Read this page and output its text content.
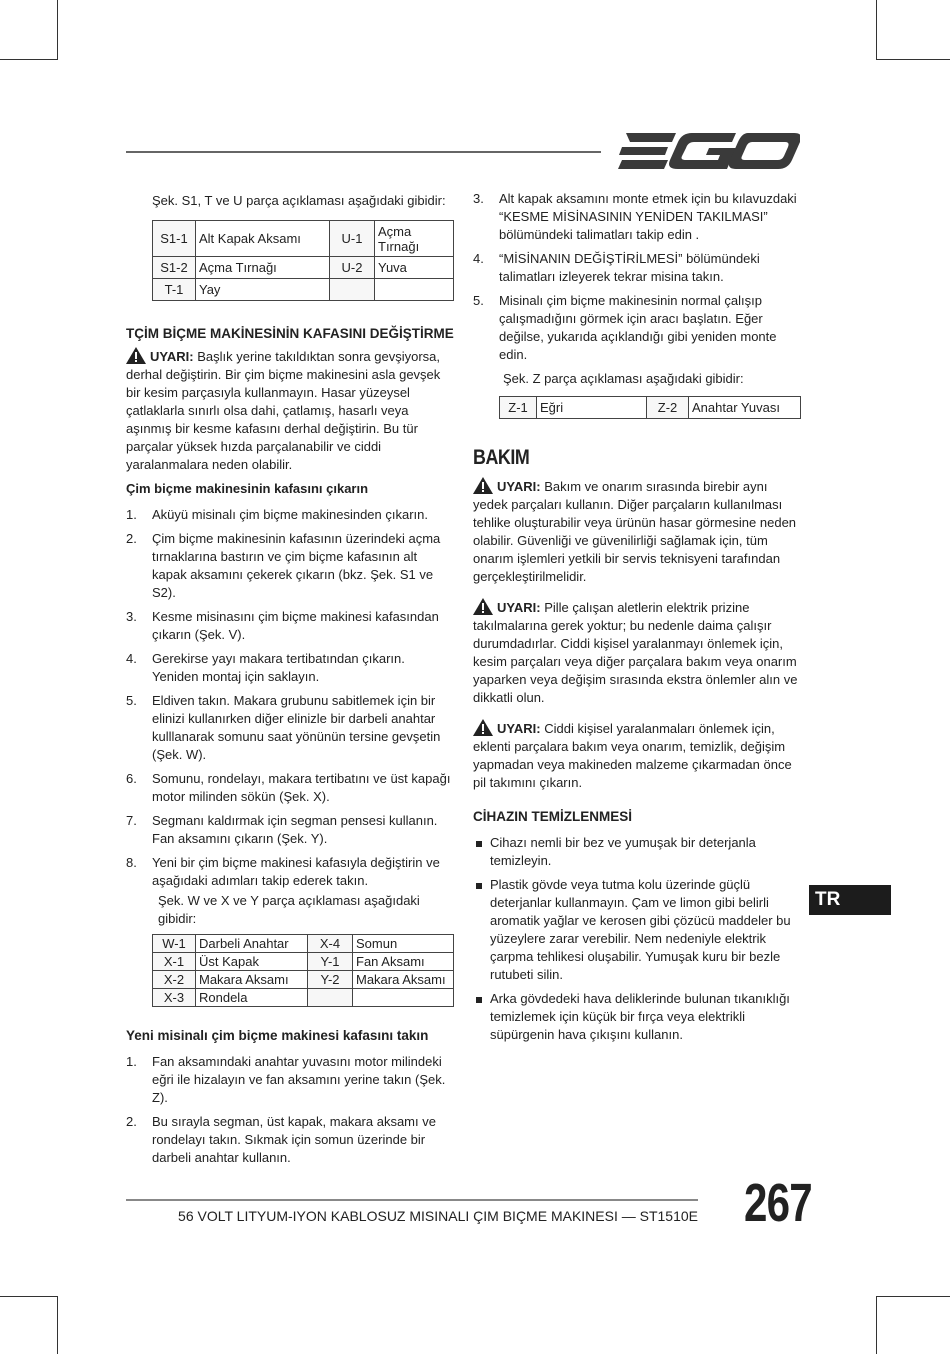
Şek. S1, T ve U parça açıklaması aşağıdaki gibidir:

S1-1	Alt Kapak Aksamı	U-1	Açma Tırnağı
S1-2	Açma Tırnağı	U-2	Yuva
T-1	Yay		

TÇİM BİÇME MAKİNESİNİN KAFASINI DEĞİŞTİRME

UYARI: Başlık yerine takıldıktan sonra gevşiyorsa, derhal değiştirin. Bir çim biçme makinesini asla gevşek bir kesim parçasıyla kullanmayın. Hasar yüzeysel çatlaklarla sınırlı olsa dahi, çatlamış, hasarlı veya aşınmış bir kesme kafasını derhal değiştirin. Bu tür parçalar yüksek hızda parçalanabilir ve ciddi yaralanmalara neden olabilir.

Çim biçme makinesinin kafasını çıkarın

1. Aküyü misinalı çim biçme makinesinden çıkarın.
2. Çim biçme makinesinin kafasının üzerindeki açma tırnaklarına bastırın ve çim biçme kafasının alt kapak aksamını çekerek çıkarın (bkz. Şek. S1 ve S2).
3. Kesme misinasını çim biçme makinesi kafasından çıkarın (Şek. V).
4. Gerekirse yayı makara tertibatından çıkarın. Yeniden montaj için saklayın.
5. Eldiven takın. Makara grubunu sabitlemek için bir elinizi kullanırken diğer elinizle bir darbeli anahtar kulllanarak somunu saat yönünün tersine gevşetin (Şek. W).
6. Somunu, rondelayı, makara tertibatını ve üst kapağı motor milinden sökün (Şek. X).
7. Segmanı kaldırmak için segman pensesi kullanın. Fan aksamını çıkarın (Şek. Y).
8. Yeni bir çim biçme makinesi kafasıyla değiştirin ve aşağıdaki adımları takip ederek takın.

Şek. W ve X ve Y parça açıklaması aşağıdaki gibidir:

W-1	Darbeli Anahtar	X-4	Somun
X-1	Üst Kapak	Y-1	Fan Aksamı
X-2	Makara Aksamı	Y-2	Makara Aksamı
X-3	Rondela		

Yeni misinalı çim biçme makinesi kafasını takın

1. Fan aksamındaki anahtar yuvasını motor milindeki eğri ile hizalayın ve fan aksamını yerine takın (Şek. Z).
2. Bu sırayla segman, üst kapak, makara aksamı ve rondelayı takın. Sıkmak için somun üzerinde bir darbeli anahtar kullanın.
3. Alt kapak aksamını monte etmek için bu kılavuzdaki “KESME MİSİNASININ YENİDEN TAKILMASI” bölümündeki talimatları takip edin .
4. “MİSİNANIN DEĞİŞTİRİLMESİ” bölümündeki talimatları izleyerek tekrar misina takın.
5. Misinalı çim biçme makinesinin normal çalışıp çalışmadığını görmek için aracı başlatın. Eğer değilse, yukarıda açıklandığı gibi yeniden monte edin.

Şek. Z parça açıklaması aşağıdaki gibidir:

Z-1	Eğri	Z-2	Anahtar Yuvası

BAKIM

UYARI: Bakım ve onarım sırasında birebir aynı yedek parçaları kullanın. Diğer parçaların kullanılması tehlike oluşturabilir veya ürünün hasar görmesine neden olabilir. Güvenliği ve güvenilirliği sağlamak için, tüm onarım işlemleri yetkili bir servis teknisyeni tarafından gerçekleştirilmelidir.

UYARI: Pille çalışan aletlerin elektrik prizine takılmalarına gerek yoktur; bu nedenle daima çalışır durumdadırlar. Ciddi kişisel yaralanmayı önlemek için, kesim parçaları veya diğer parçalara bakım veya onarım yaparken veya değişim sırasında ekstra önlemler alın ve dikkatli olun.

UYARI: Ciddi kişisel yaralanmaları önlemek için, eklenti parçalara bakım veya onarım, temizlik, değişim yapmadan veya makineden malzeme çıkarmadan önce pil takımını çıkarın.

CİHAZIN TEMİZLENMESİ

Cihazı nemli bir bez ve yumuşak bir deterjanla temizleyin.
Plastik gövde veya tutma kolu üzerinde güçlü deterjanlar kullanmayın. Çam ve limon gibi belirli aromatik yağlar ve kerosen gibi çözücü maddeler bu yüzeylere zarar verebilir. Nem nedeniyle elektrik çarpma tehlikesi oluşabilir. Yumuşak kuru bir bezle rutubeti silin.
Arka gövdedeki hava deliklerinde bulunan tıkanıklığı temizlemek için küçük bir fırça veya elektrikli süpürgenin hava çıkışını kullanın.
TR
56 VOLT LITYUM-IYON KABLOSUZ MISINALI ÇIM BIÇME MAKINESI — ST1510E 267
